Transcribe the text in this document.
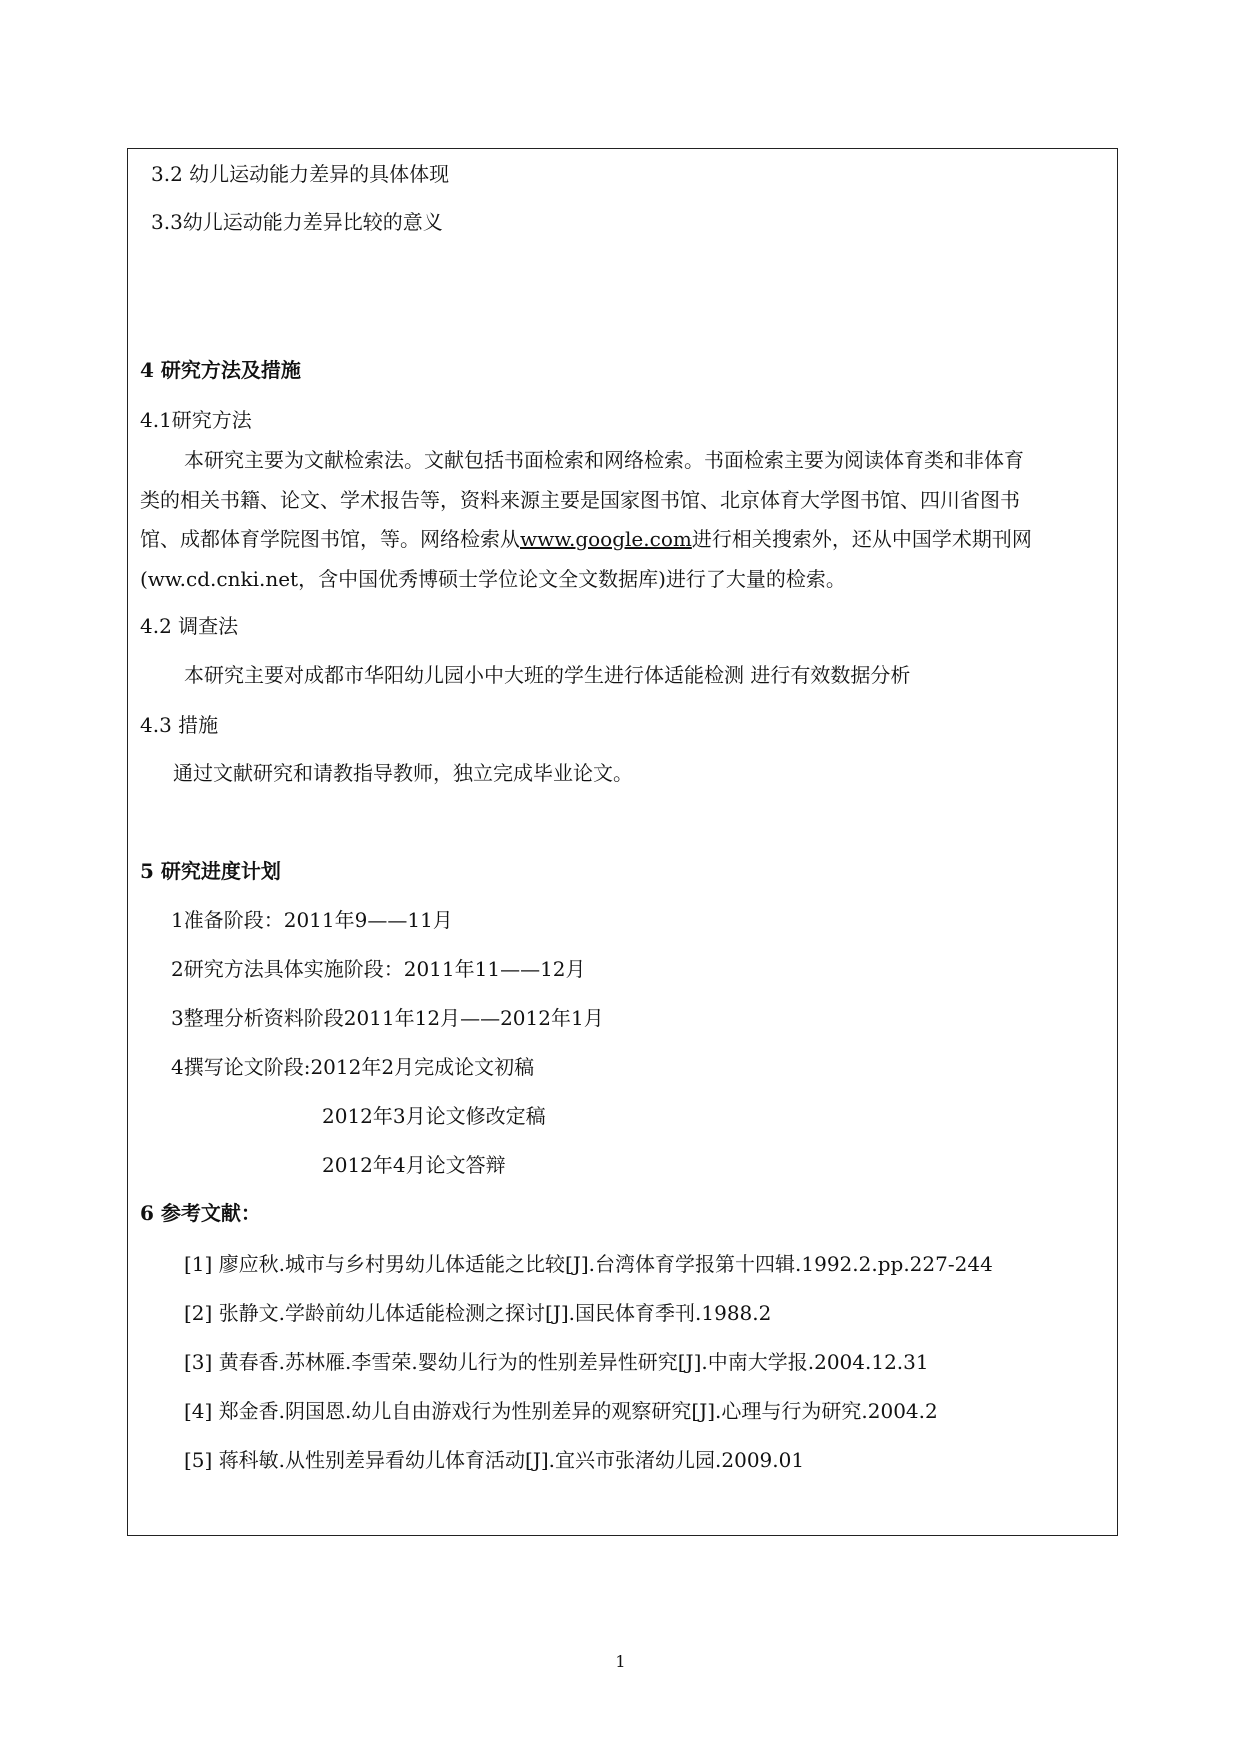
3.2 幼儿运动能力差异的具体体现
3.3幼儿运动能力差异比较的意义
4 研究方法及措施
4.1研究方法
本研究主要为文献检索法。文献包括书面检索和网络检索。书面检索主要为阅读体育类和非体育
类的相关书籍、论文、学术报告等，资料来源主要是国家图书馆、北京体育大学图书馆、四川省图书
馆、成都体育学院图书馆，等。网络检索从www.google.com进行相关搜索外，还从中国学术期刊网
(ww.cd.cnki.net，含中国优秀博硕士学位论文全文数据库)进行了大量的检索。
4.2 调查法
本研究主要对成都市华阳幼儿园小中大班的学生进行体适能检测 进行有效数据分析
4.3 措施
通过文献研究和请教指导教师，独立完成毕业论文。
5 研究进度计划
1准备阶段：2011年9——11月
2研究方法具体实施阶段：2011年11——12月
3整理分析资料阶段2011年12月——2012年1月
4撰写论文阶段:2012年2月完成论文初稿
2012年3月论文修改定稿
2012年4月论文答辩
6 参考文献：
[1] 廖应秋.城市与乡村男幼儿体适能之比较[J].台湾体育学报第十四辑.1992.2.pp.227-244
[2] 张静文.学龄前幼儿体适能检测之探讨[J].国民体育季刊.1988.2
[3] 黄春香.苏林雁.李雪荣.婴幼儿行为的性别差异性研究[J].中南大学报.2004.12.31
[4] 郑金香.阴国恩.幼儿自由游戏行为性别差异的观察研究[J].心理与行为研究.2004.2
[5] 蒋科敏.从性别差异看幼儿体育活动[J].宜兴市张渚幼儿园.2009.01
1
